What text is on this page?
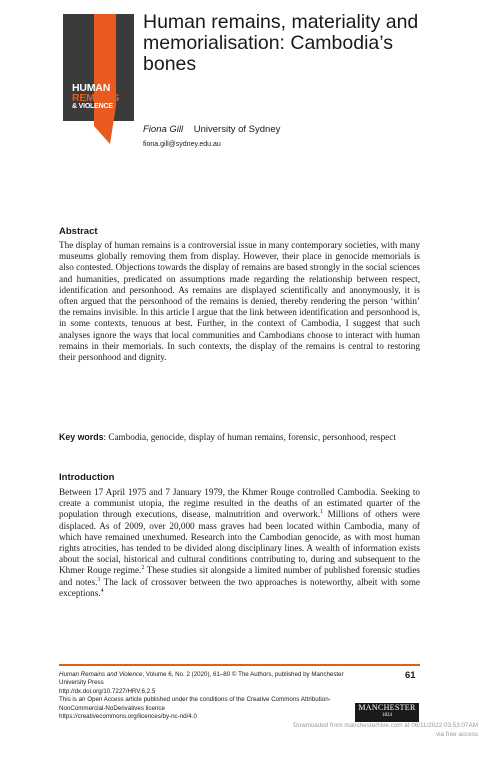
HUMAN
REMAINS
& VIOLENCE
Human remains, materiality and memorialisation: Cambodia’s bones
Fiona Gill University of Sydney
fiona.gill@sydney.edu.au
Abstract

The display of human remains is a controversial issue in many contemporary societies, with many museums globally removing them from display. However, their place in genocide memorials is also contested. Objections towards the display of remains are based strongly in the social sciences and humanities, predicated on assumptions made regarding the relationship between respect, identification and personhood. As remains are displayed scientifically and anonymously, it is often argued that the personhood of the remains is denied, thereby rendering the person ‘within’ the remains invisible. In this article I argue that the link between identification and personhood is, in some contexts, tenuous at best. Further, in the context of Cambodia, I suggest that such analyses ignore the ways that local communities and Cambodians choose to interact with human remains in their memorials. In such contexts, the display of the remains is central to restoring their personhood and dignity.

Key words: Cambodia, genocide, display of human remains, forensic, personhood, respect

Introduction

Between 17 April 1975 and 7 January 1979, the Khmer Rouge controlled Cambodia. Seeking to create a communist utopia, the regime resulted in the deaths of an estimated quarter of the population through executions, disease, malnutrition and overwork.$^1$ Millions of others were displaced. As of 2009, over 20,000 mass graves had been located within Cambodia, many of which have remained unexhumed. Research into the Cambodian genocide, as with most human rights atrocities, has tended to be divided along disciplinary lines. A wealth of information exists about the social, historical and cultural conditions contributing to, during and subsequent to the Khmer Rouge regime.$^2$ These studies sit alongside a limited number of published forensic studies and notes.$^3$ The lack of crossover between the two approaches is noteworthy, albeit with some exceptions.$^4$

61
Human Remains and Violence, Volume 6, No. 2 (2020), 61–80 © The Authors, published by Manchester University Press
http://dx.doi.org/10.7227/HRV.6.2.5
This is an Open Access article published under the conditions of the Creative Commons Attribution-NonCommercial-NoDerivatives licence
https://creativecommons.org/licences/by-nc-nd/4.0
MANCHESTER
1824
Downloaded from manchesterhive.com at 06/11/2022 03:53:07AM
via free access
